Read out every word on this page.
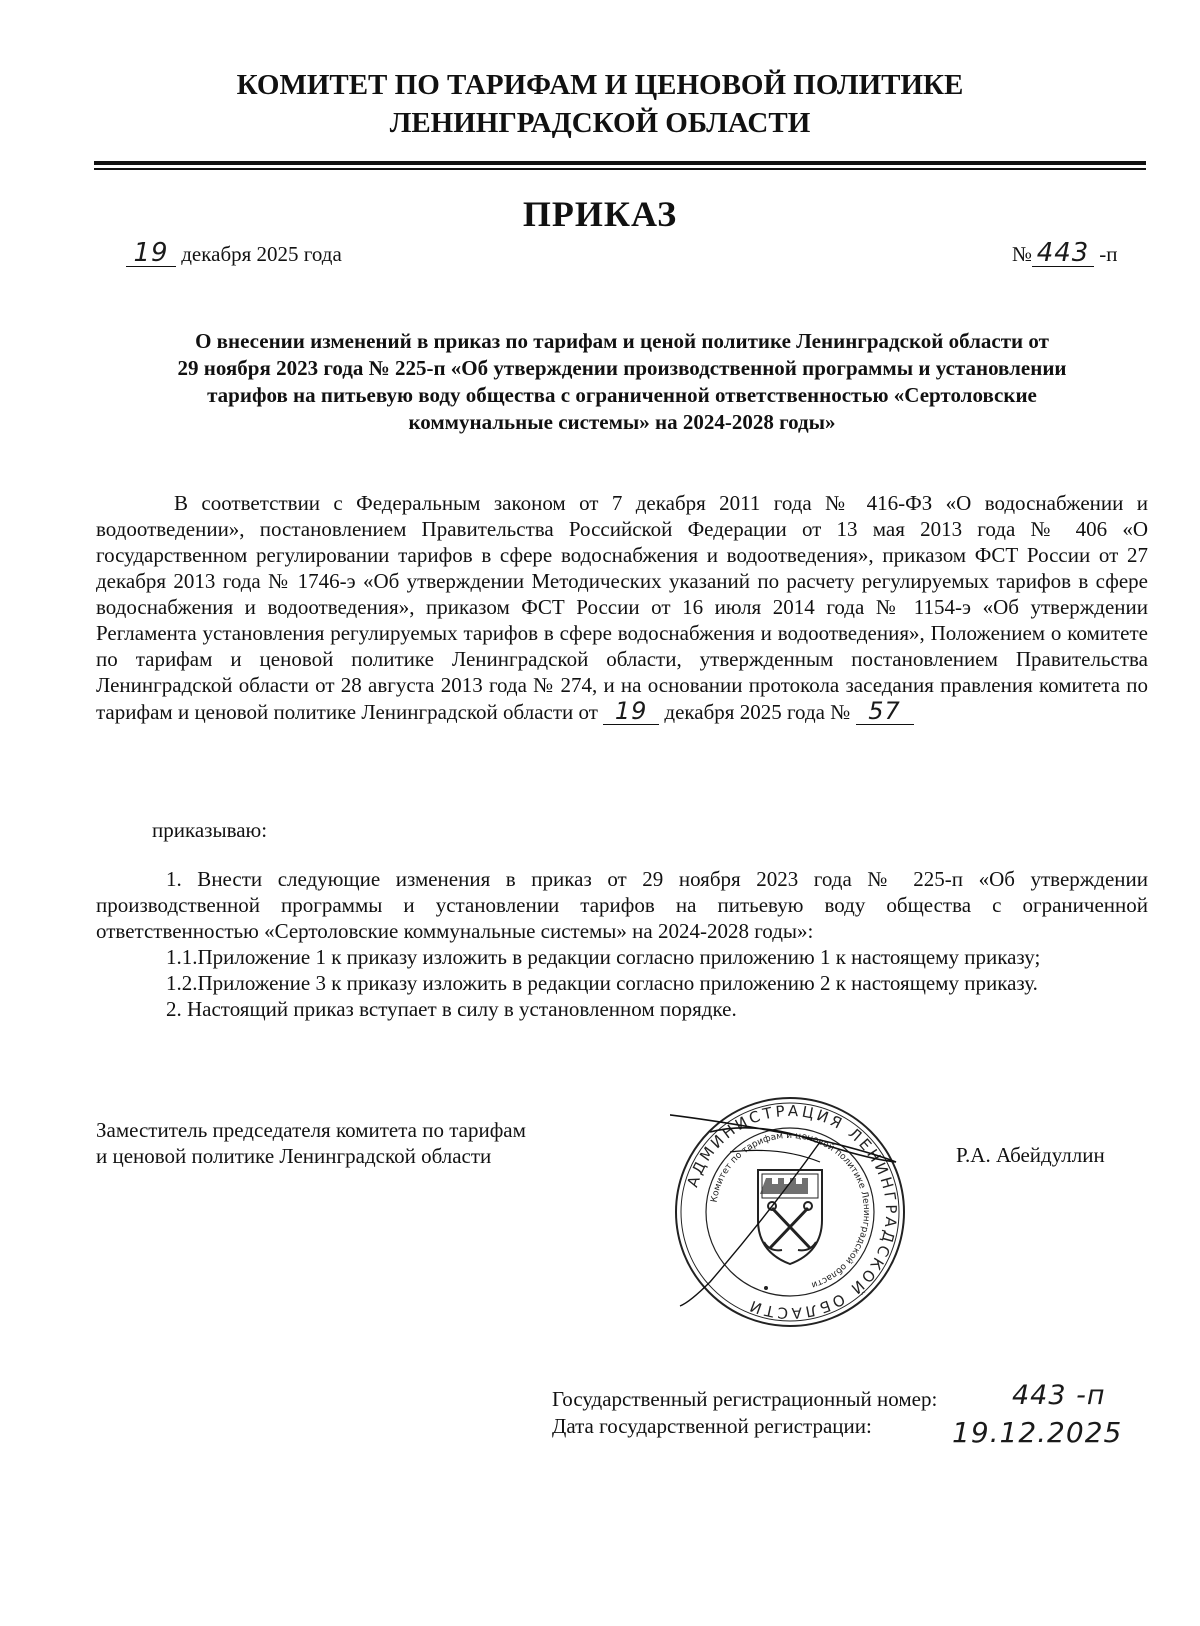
КОМИТЕТ ПО ТАРИФАМ И ЦЕНОВОЙ ПОЛИТИКЕ
ЛЕНИНГРАДСКОЙ ОБЛАСТИ
ПРИКАЗ
19 декабря 2025 года	№ 443 -п
О внесении изменений в приказ по тарифам и ценой политике Ленинградской области от
29 ноября 2023 года № 225-п «Об утверждении производственной программы и установлении
тарифов на питьевую воду общества с ограниченной ответственностью «Сертоловские
коммунальные системы» на 2024-2028 годы»
В соответствии с Федеральным законом от 7 декабря 2011 года № 416-ФЗ «О водоснабжении и водоотведении», постановлением Правительства Российской Федерации от 13 мая 2013 года № 406 «О государственном регулировании тарифов в сфере водоснабжения и водоотведения», приказом ФСТ России от 27 декабря 2013 года № 1746-э «Об утверждении Методических указаний по расчету регулируемых тарифов в сфере водоснабжения и водоотведения», приказом ФСТ России от 16 июля 2014 года № 1154-э «Об утверждении Регламента установления регулируемых тарифов в сфере водоснабжения и водоотведения», Положением о комитете по тарифам и ценовой политике Ленинградской области, утвержденным постановлением Правительства Ленинградской области от 28 августа 2013 года № 274, и на основании протокола заседания правления комитета по тарифам и ценовой политике Ленинградской области от 19 декабря 2025 года № 57
приказываю:

1. Внести следующие изменения в приказ от 29 ноября 2023 года № 225-п «Об утверждении производственной программы и установлении тарифов на питьевую воду общества с ограниченной ответственностью «Сертоловские коммунальные системы» на 2024-2028 годы»:

1.1.Приложение 1 к приказу изложить в редакции согласно приложению 1 к настоящему приказу;

1.2.Приложение 3 к приказу изложить в редакции согласно приложению 2 к настоящему приказу.

2. Настоящий приказ вступает в силу в установленном порядке.

Заместитель председателя комитета по тарифам
и ценовой политике Ленинградской области
АДМИНИСТРАЦИЯ ЛЕНИНГРАДСКОЙ ОБЛАСТИ
Комитет по тарифам и ценовой политике Ленинградской области
Р.А. Абейдуллин
Государственный регистрационный номер:
Дата государственной регистрации:
443 -п
19.12.2025
